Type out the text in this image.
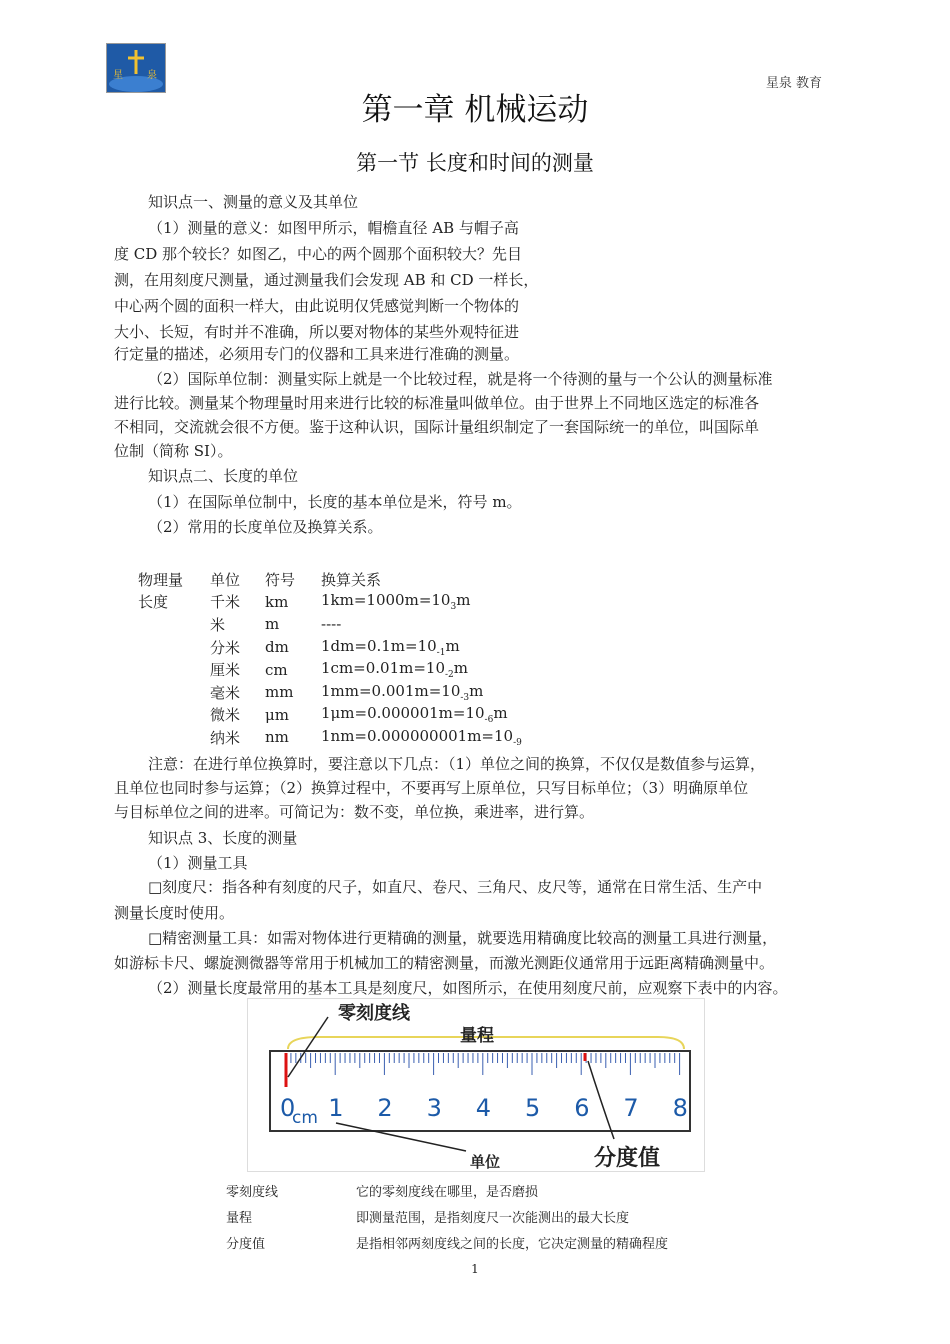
星 泉
星泉 教育
第一章 机械运动
第一节 长度和时间的测量
知识点一、测量的意义及其单位
（1）测量的意义：如图甲所示，帽檐直径 AB 与帽子高
度 CD 那个较长？如图乙，中心的两个圆那个面积较大？先目
测，在用刻度尺测量，通过测量我们会发现 AB 和 CD 一样长，
中心两个圆的面积一样大，由此说明仅凭感觉判断一个物体的
大小、长短，有时并不准确，所以要对物体的某些外观特征进
行定量的描述，必须用专门的仪器和工具来进行准确的测量。
（2）国际单位制：测量实际上就是一个比较过程，就是将一个待测的量与一个公认的测量标准
进行比较。测量某个物理量时用来进行比较的标准量叫做单位。由于世界上不同地区选定的标准各
不相同，交流就会很不方便。鉴于这种认识，国际计量组织制定了一套国际统一的单位，叫国际单
位制（简称 SI）。
知识点二、长度的单位
（1）在国际单位制中，长度的基本单位是米，符号 m。
（2）常用的长度单位及换算关系。
物理量	单位	符号	换算关系
长度	千米	km	$1km=1000m=10_3m$
	米	m	----
	分米	dm	$1dm=0.1m=10_{-1}m$
	厘米	cm	$1cm=0.01m=10_{-2}m$
	毫米	mm	$1mm=0.001m=10_{-3}m$
	微米	μm	$1\mu m=0.000001m=10_{-6}m$
	纳米	nm	$1nm=0.000000001m=10_{-9}$
注意：在进行单位换算时，要注意以下几点：（1）单位之间的换算，不仅仅是数值参与运算，
且单位也同时参与运算；（2）换算过程中，不要再写上原单位，只写目标单位；（3）明确原单位
与目标单位之间的进率。可简记为：数不变，单位换，乘进率，进行算。
知识点 3、长度的测量
（1）测量工具
□刻度尺：指各种有刻度的尺子，如直尺、卷尺、三角尺、皮尺等，通常在日常生活、生产中
测量长度时使用。
□精密测量工具：如需对物体进行更精确的测量，就要选用精确度比较高的测量工具进行测量，
如游标卡尺、螺旋测微器等常用于机械加工的精密测量，而激光测距仪通常用于远距离精确测量中。
（2）测量长度最常用的基本工具是刻度尺，如图所示，在使用刻度尺前，应观察下表中的内容。
0 1 2 3 4 5 6 7 8
零刻度线
量程
单位	分度值
cm
零刻度线	它的零刻度线在哪里，是否磨损
量程	即测量范围，是指刻度尺一次能测出的最大长度
分度值	是指相邻两刻度线之间的长度，它决定测量的精确程度
1
